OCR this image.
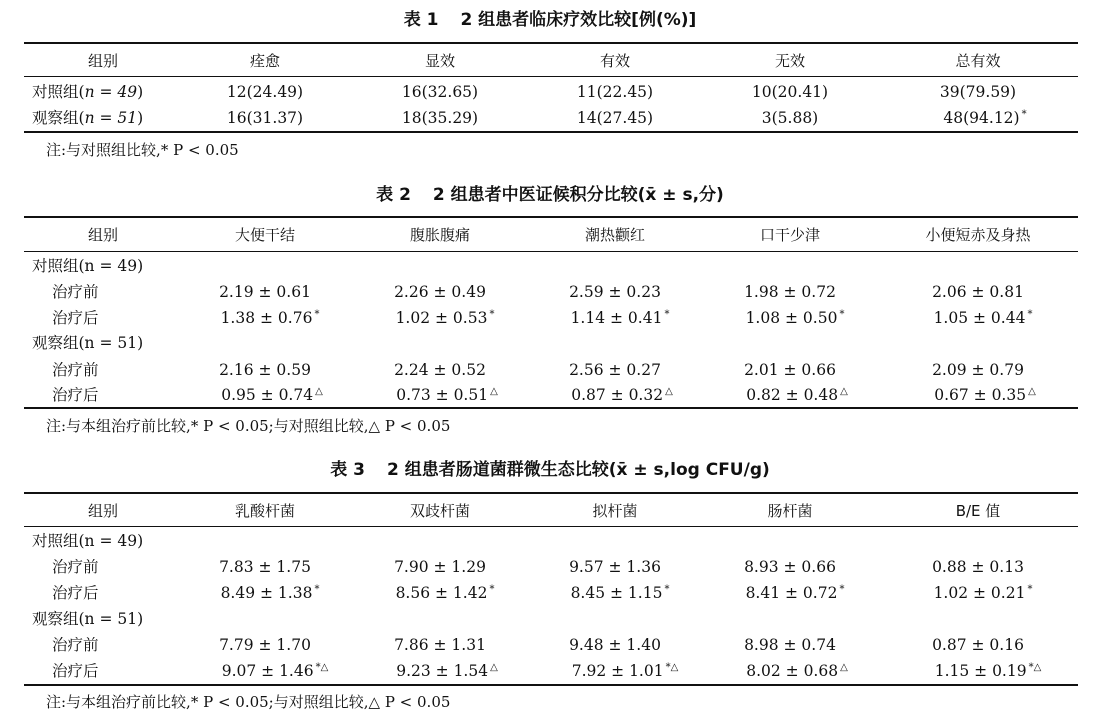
表 1 2 组患者临床疗效比较[例(%)]
组别	痊愈	显效	有效	无效	总有效
对照组(n = 49)	12(24.49)	16(32.65)	11(22.45)	10(20.41)	39(79.59)
观察组(n = 51)	16(31.37)	18(35.29)	14(27.45)	3(5.88)	48(94.12) *
注:与对照组比较,* P < 0.05
表 2 2 组患者中医证候积分比较(x̄ ± s,分)
组别	大便干结	腹胀腹痛	潮热颧红	口干少津	小便短赤及身热
对照组(n = 49)
治疗前	2.19 ± 0.61	2.26 ± 0.49	2.59 ± 0.23	1.98 ± 0.72	2.06 ± 0.81
治疗后	1.38 ± 0.76 *	1.02 ± 0.53 *	1.14 ± 0.41 *	1.08 ± 0.50 *	1.05 ± 0.44 *
观察组(n = 51)
治疗前	2.16 ± 0.59	2.24 ± 0.52	2.56 ± 0.27	2.01 ± 0.66	2.09 ± 0.79
治疗后	0.95 ± 0.74 △	0.73 ± 0.51 △	0.87 ± 0.32 △	0.82 ± 0.48 △	0.67 ± 0.35 △
注:与本组治疗前比较,* P < 0.05;与对照组比较,△ P < 0.05
表 3 2 组患者肠道菌群微生态比较(x̄ ± s,log CFU/g)
组别	乳酸杆菌	双歧杆菌	拟杆菌	肠杆菌	B/E 值
对照组(n = 49)
治疗前	7.83 ± 1.75	7.90 ± 1.29	9.57 ± 1.36	8.93 ± 0.66	0.88 ± 0.13
治疗后	8.49 ± 1.38 *	8.56 ± 1.42 *	8.45 ± 1.15 *	8.41 ± 0.72 *	1.02 ± 0.21 *
观察组(n = 51)
治疗前	7.79 ± 1.70	7.86 ± 1.31	9.48 ± 1.40	8.98 ± 0.74	0.87 ± 0.16
治疗后	9.07 ± 1.46 *△	9.23 ± 1.54 △	7.92 ± 1.01 *△	8.02 ± 0.68 △	1.15 ± 0.19 *△
注:与本组治疗前比较,* P < 0.05;与对照组比较,△ P < 0.05
